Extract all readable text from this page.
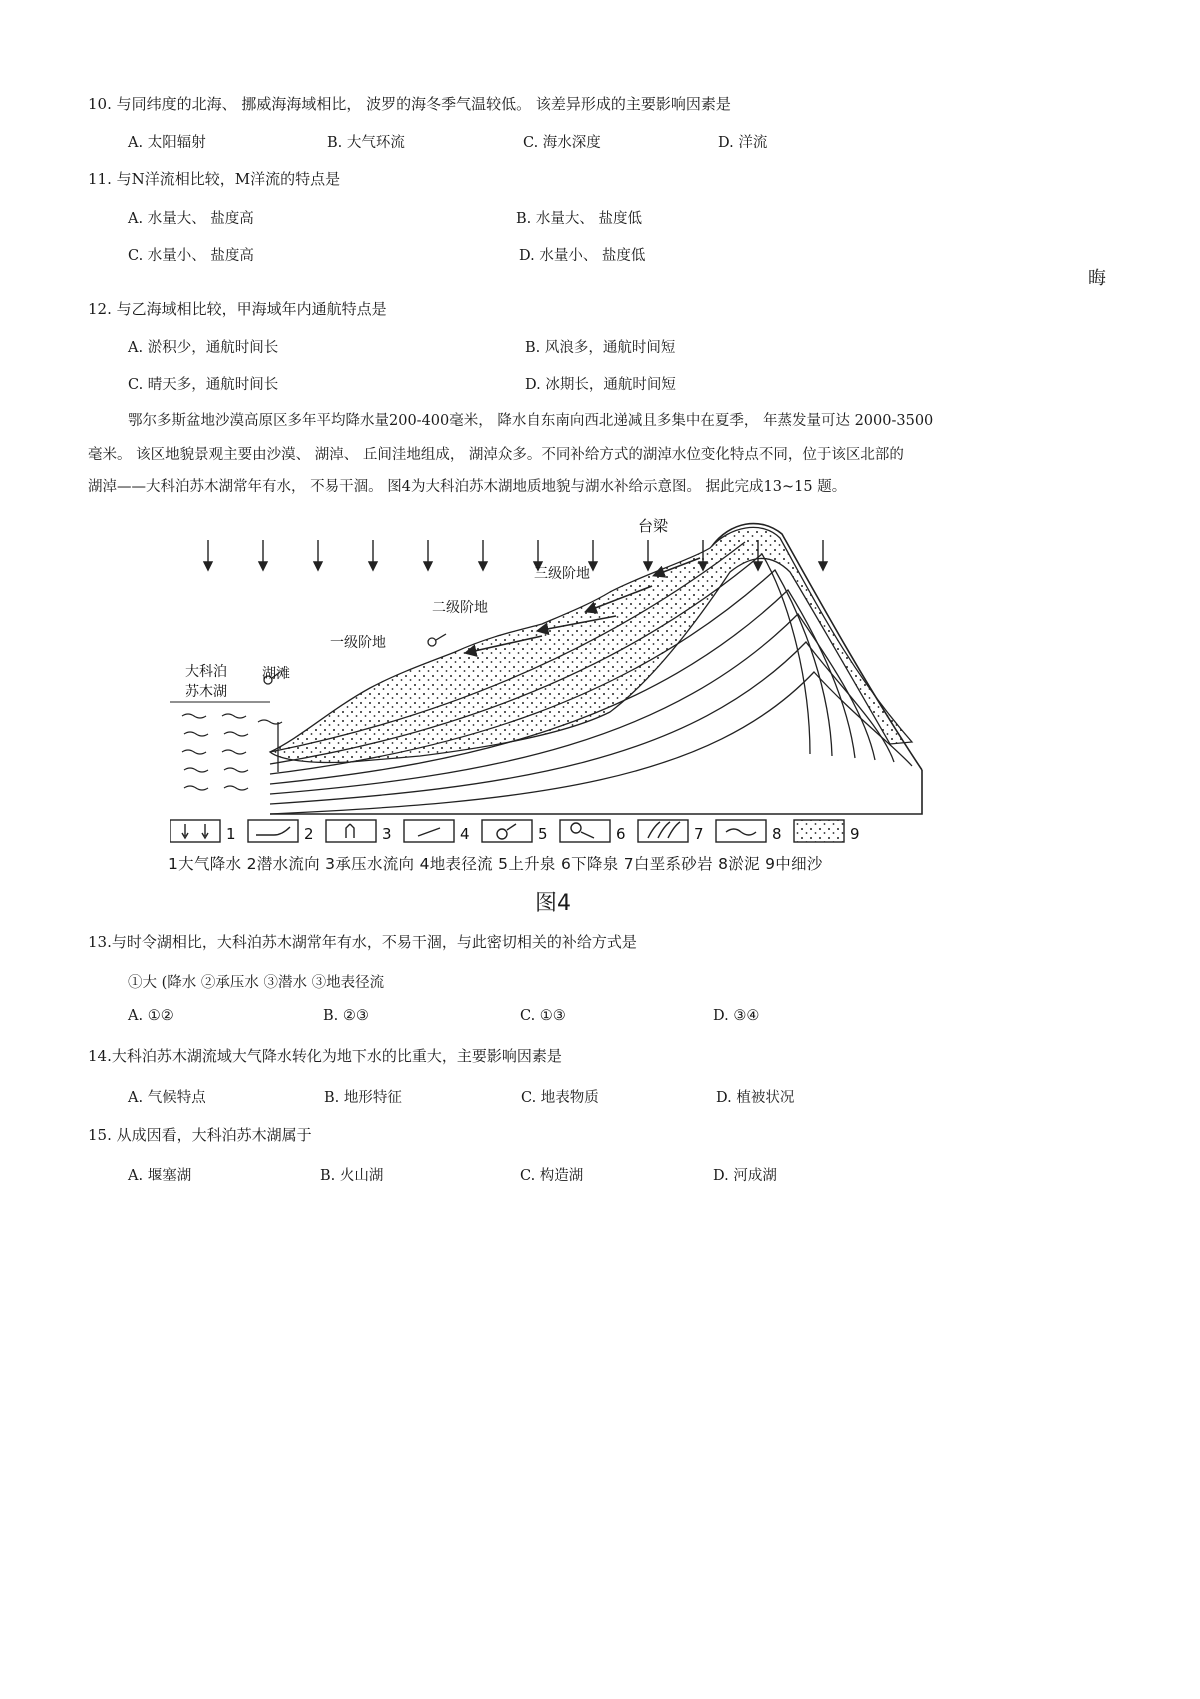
10. 与同纬度的北海、 挪威海海域相比， 波罗的海冬季气温较低。 该差异形成的主要影响因素是
A. 太阳辐射	B. 大气环流	C. 海水深度	D. 洋流
11. 与N洋流相比较，M洋流的特点是
A. 水量大、 盐度高	B. 水量大、 盐度低
C. 水量小、 盐度高	D. 水量小、 盐度低
晦
12. 与乙海域相比较，甲海域年内通航特点是
A. 淤积少，通航时间长	B. 风浪多，通航时间短
C. 晴天多，通航时间长	D. 冰期长，通航时间短
鄂尔多斯盆地沙漠高原区多年平均降水量200-400毫米， 降水自东南向西北递减且多集中在夏季， 年蒸发量可达 2000-3500
毫米。 该区地貌景观主要由沙漠、 湖淖、 丘间洼地组成， 湖淖众多。不同补给方式的湖淖水位变化特点不同，位于该区北部的
湖淖——大科泊苏木湖常年有水， 不易干涸。 图4为大科泊苏木湖地质地貌与湖水补给示意图。 据此完成13~15 题。
台梁
三级阶地
二级阶地
一级阶地
大科泊
苏木湖
湖滩
1	2	3	4	5	6	7	8	9
1大气降水 2潜水流向 3承压水流向 4地表径流 5上升泉 6下降泉 7白垩系砂岩 8淤泥 9中细沙
图4
13.与时令湖相比，大科泊苏木湖常年有水，不易干涸，与此密切相关的补给方式是
①大 (降水 ②承压水 ③潜水 ③地表径流
A. ①②	B. ②③	C. ①③	D. ③④
14.大科泊苏木湖流域大气降水转化为地下水的比重大，主要影响因素是
A. 气候特点	B. 地形特征	C. 地表物质	D. 植被状况
15. 从成因看，大科泊苏木湖属于
A. 堰塞湖	B. 火山湖	C. 构造湖	D. 河成湖
